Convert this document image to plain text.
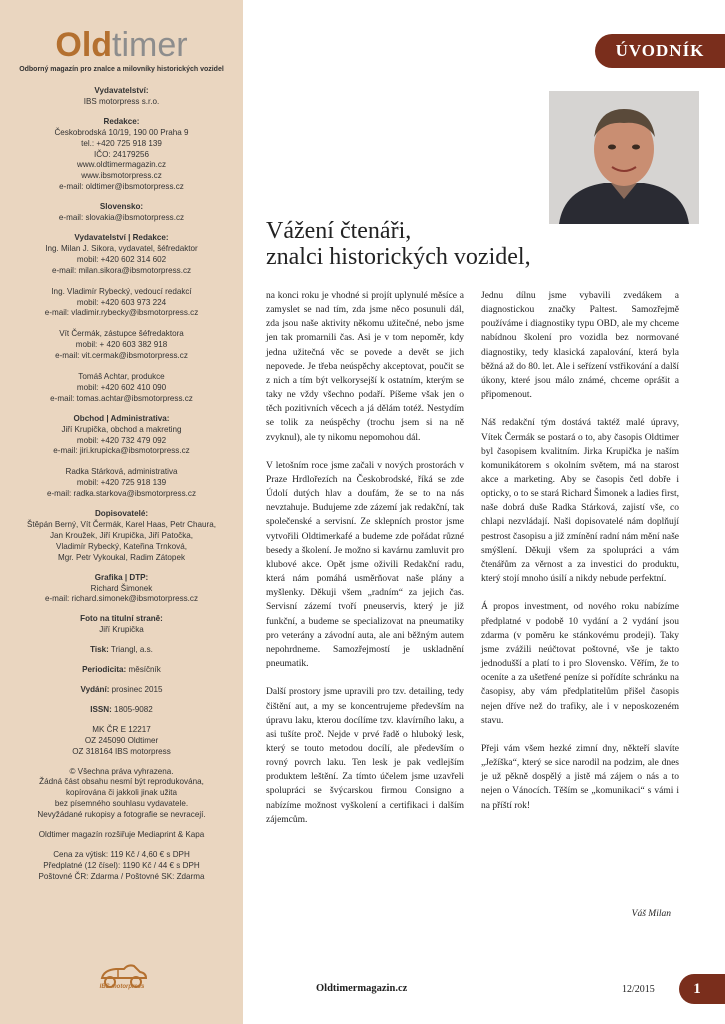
Oldtimer
Odborný magazín pro znalce a milovníky historických vozidel
Vydavatelství:
IBS motorpress s.r.o.
Redakce:
Českobrodská 10/19, 190 00 Praha 9
tel.: +420 725 918 139
IČO: 24179256
www.oldtimermagazin.cz
www.ibsmotorpress.cz
e-mail: oldtimer@ibsmotorpress.cz
Slovensko:
e-mail: slovakia@ibsmotorpress.cz
Vydavatelství | Redakce:
Ing. Milan J. Sikora, vydavatel, šéfredaktor
mobil: +420 602 314 602
e-mail: milan.sikora@ibsmotorpress.cz
Ing. Vladimír Rybecký, vedoucí redakcí
mobil: +420 603 973 224
e-mail: vladimir.rybecky@ibsmotorpress.cz
Vít Čermák, zástupce šéfredaktora
mobil: + 420 603 382 918
e-mail: vit.cermak@ibsmotorpress.cz
Tomáš Achtar, produkce
mobil: +420 602 410 090
e-mail: tomas.achtar@ibsmotorpress.cz
Obchod | Administrativa:
Jiří Krupička, obchod a makreting
mobil: +420 732 479 092
e-mail: jiri.krupicka@ibsmotorpress.cz
Radka Stárková, administrativa
mobil: +420 725 918 139
e-mail: radka.starkova@ibsmotorpress.cz
Dopisovatelé:
Štěpán Berný, Vít Čermák, Karel Haas, Petr Chaura,
Jan Kroužek, Jiří Krupička, Jiří Patočka,
Vladimír Rybecký, Kateřina Trnková,
Mgr. Petr Vykoukal, Radim Zátopek
Grafika | DTP:
Richard Šimonek
e-mail: richard.simonek@ibsmotorpress.cz
Foto na titulní straně:
Jiří Krupička
Tisk: Triangl, a.s.
Periodicita: měsíčník
Vydání: prosinec 2015
ISSN: 1805-9082
MK ČR E 12217
OZ 245090 Oldtimer
OZ 318164 IBS motorpress
© Všechna práva vyhrazena.
Žádná část obsahu nesmí být reprodukována,
kopírována či jakkoli jinak užita
bez písemného souhlasu vydavatele.
Nevyžádané rukopisy a fotografie se nevracejí.
Oldtimer magazín rozšiřuje Mediaprint & Kapa
Cena za výtisk: 119 Kč / 4,60 € s DPH
Předplatné (12 čísel): 1190 Kč / 44 € s DPH
Poštovné ČR: Zdarma / Poštovné SK: Zdarma
IBS motorpress
ÚVODNÍK
Vážení čtenáři,
znalci historických vozidel,

na konci roku je vhodné si projít uplynulé měsíce a zamyslet se nad tím, zda jsme něco posunuli dál, zda jsou naše aktivity někomu užitečné, nebo jsme jen tak promarnili čas. Asi je v tom nepoměr, kdy jedna užitečná věc se povede a devět se jich nepovede. Je třeba neúspěchy akceptovat, poučit se z nich a tím být velkorysejší k ostatním, kterým se taky ne vždy všechno podaří. Píšeme však jen o těch pozitivních věcech a já dělám totéž. Nestydím se tolik za neúspěchy (trochu jsem si na ně zvyknul), ale ty nikomu nepomohou dál.

V letošním roce jsme začali v nových prostorách v Praze Hrdlořezích na Českobrodské, říká se zde Údolí dutých hlav a doufám, že se to na nás nevztahuje. Budujeme zde zázemí jak redakční, tak společenské a servisní. Ze sklepních prostor jsme vytvořili Oldtimerkafé a budeme zde pořádat různé besedy a školení. Je možno si kavárnu zamluvit pro klubové akce. Opět jsme oživili Redakční radu, která nám pomáhá usměrňovat naše plány a myšlenky. Děkuji všem „radním“ za jejich čas. Servisní zázemí tvoří pneuservis, který je již funkční, a budeme se specializovat na pneumatiky pro veterány a závodní auta, ale ani běžným autem nepohrdneme. Samozřejmostí je uskladnění pneumatik.

Další prostory jsme upravili pro tzv. detailing, tedy čištění aut, a my se koncentrujeme především na úpravu laku, kterou docílíme tzv. klavírního laku, a asi tušíte proč. Nejde v prvé řadě o hluboký lesk, který se touto metodou docílí, ale především o rovný povrch laku. Ten lesk je pak vedlejším produktem leštění. Za tímto účelem jsme uzavřeli spolupráci se švýcarskou firmou Consigno a nabízíme možnost vyškolení a certifikaci i dalším zájemcům.

Jednu dílnu jsme vybavili zvedákem a diagnostickou značky Paltest. Samozřejmě používáme i diagnostiky typu OBD, ale my chceme nabídnou školení pro vozidla bez normované diagnostiky, tedy klasická zapalování, která byla běžná až do 80. let. Ale i seřízení vstřikování a další úkony, které jsou málo známé, chceme oprášit a připomenout.

Náš redakční tým dostává taktéž malé úpravy, Vítek Čermák se postará o to, aby časopis Oldtimer byl časopisem kvalitním. Jirka Krupička je naším komunikátorem s okolním světem, má na starost akce a marketing. Aby se časopis četl dobře i opticky, o to se stará Richard Šimonek a ladies first, naše dobrá duše Radka Stárková, zajistí vše, co chlapi nezvládají. Naši dopisovatelé nám doplňují pestrost časopisu a již zmínění radní nám mění naše smýšlení. Děkuji všem za spolupráci a vám čtenářům za věrnost a za investici do produktu, který stojí mnoho úsilí a nikdy nebude perfektní.

Á propos investment, od nového roku nabízíme předplatné v podobě 10 vydání a 2 vydání jsou zdarma (v poměru ke stánkovému prodeji). Taky jsme zvážili neúčtovat poštovné, vše je takto jednodušší a platí to i pro Slovensko. Věřím, že to oceníte a za ušetřené peníze si pořídíte schránku na časopisy, aby vám předplatitelům přišel časopis nejen dříve než do trafiky, ale i v neposkozeném stavu.

Přeji vám všem hezké zimní dny, někteří slavíte „Ježíška“, který se sice narodil na podzim, ale dnes je už pěkně dospělý a jistě má zájem o nás a to nejen o Vánocích. Těším se „komunikaci“ s vámi i na příští rok!

Váš Milan
Oldtimermagazin.cz	12/2015	1
